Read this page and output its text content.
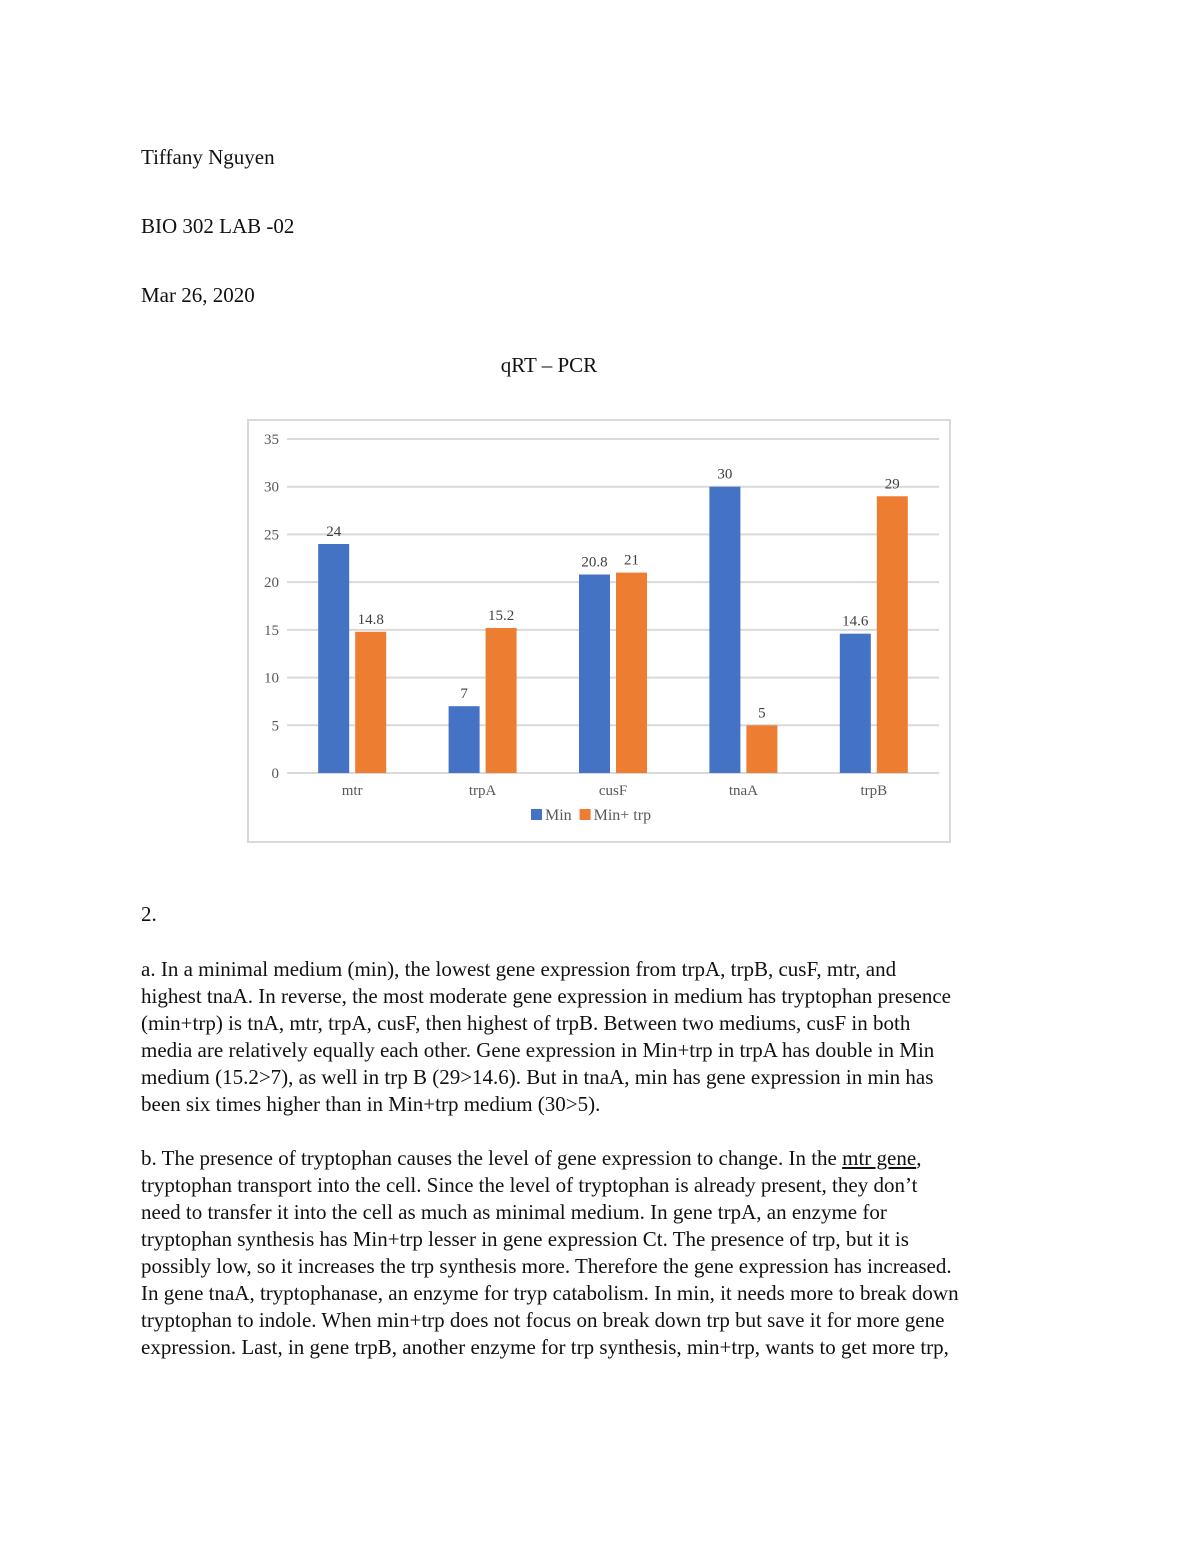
Tiffany Nguyen
BIO 302 LAB -02
Mar 26, 2020
qRT – PCR
0
5
10
15
20
25
30
35
24
14.8
mtr
7
15.2
trpA
20.8 21
cusF
30
5
tnaA
14.6
29
trpB
Min Min+ trp
2.
a. In a minimal medium (min), the lowest gene expression from trpA, trpB, cusF, mtr, and
highest tnaA. In reverse, the most moderate gene expression in medium has tryptophan presence
(min+trp) is tnA, mtr, trpA, cusF, then highest of trpB. Between two mediums, cusF in both
media are relatively equally each other. Gene expression in Min+trp in trpA has double in Min
medium (15.2>7), as well in trp B (29>14.6). But in tnaA, min has gene expression in min has
been six times higher than in Min+trp medium (30>5).
b. The presence of tryptophan causes the level of gene expression to change. In the mtr gene,
tryptophan transport into the cell. Since the level of tryptophan is already present, they don’t
need to transfer it into the cell as much as minimal medium. In gene trpA, an enzyme for
tryptophan synthesis has Min+trp lesser in gene expression Ct. The presence of trp, but it is
possibly low, so it increases the trp synthesis more. Therefore the gene expression has increased.
In gene tnaA, tryptophanase, an enzyme for tryp catabolism. In min, it needs more to break down
tryptophan to indole. When min+trp does not focus on break down trp but save it for more gene
expression. Last, in gene trpB, another enzyme for trp synthesis, min+trp, wants to get more trp,
